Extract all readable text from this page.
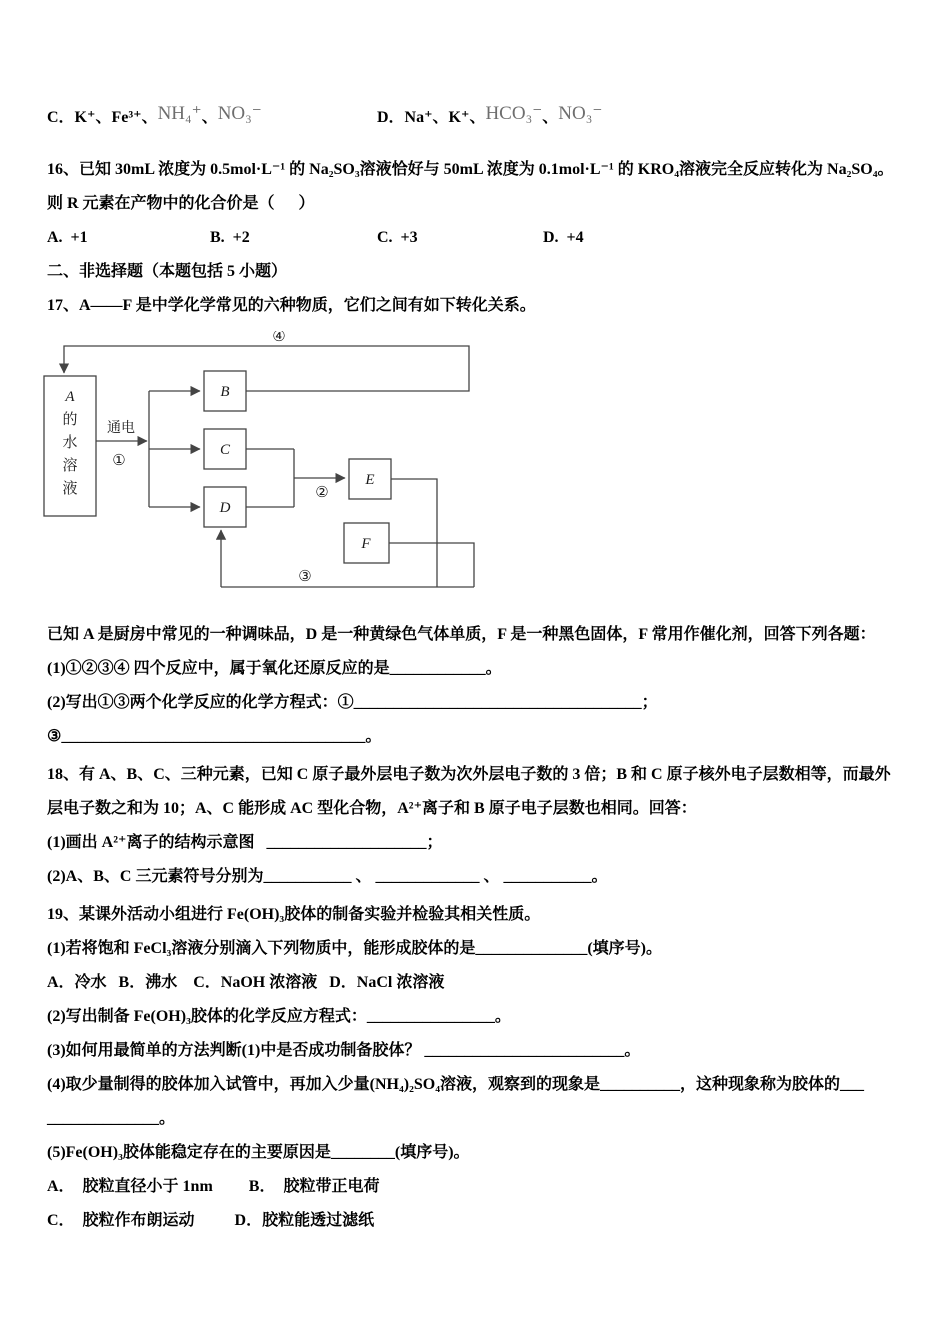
C．K⁺、Fe³⁺、NH₄⁺、NO₃⁻	D．Na⁺、K⁺、HCO₃⁻、NO₃⁻
16、已知 30mL 浓度为 0.5mol·L⁻¹ 的 Na₂SO₃溶液恰好与 50mL 浓度为 0.1mol·L⁻¹ 的 KRO₄溶液完全反应转化为 Na₂SO₄。
则 R 元素在产物中的化合价是（      ）
A.  +1	B.  +2	C.  +3	D.  +4
二、非选择题（本题包括 5 小题）
17、A——F 是中学化学常见的六种物质，它们之间有如下转化关系。
④
A
的
水
溶
液
通电
①
B
C
D
②
E
F
③
已知 A 是厨房中常见的一种调味品，D 是一种黄绿色气体单质，F 是一种黑色固体，F 常用作催化剂，回答下列各题：
(1)①②③④ 四个反应中，属于氧化还原反应的是____________。
(2)写出①③两个化学反应的化学方程式：①____________________________________；
③______________________________________。
18、有 A、B、C、三种元素，已知 C 原子最外层电子数为次外层电子数的 3 倍；B 和 C 原子核外电子层数相等，而最外
层电子数之和为 10；A、C 能形成 AC 型化合物，A²⁺离子和 B 原子电子层数也相同。回答：
(1)画出 A²⁺离子的结构示意图   ____________________；
(2)A、B、C 三元素符号分别为___________ 、 _____________ 、 ___________。
19、某课外活动小组进行 Fe(OH)₃胶体的制备实验并检验其相关性质。
(1)若将饱和 FeCl₃溶液分别滴入下列物质中，能形成胶体的是______________(填序号)。
A．冷水   B．沸水    C．NaOH 浓溶液   D．NaCl 浓溶液
(2)写出制备 Fe(OH)₃胶体的化学反应方程式：________________。
(3)如何用最简单的方法判断(1)中是否成功制备胶体？ _________________________。
(4)取少量制得的胶体加入试管中，再加入少量(NH₄)₂SO₄溶液，观察到的现象是__________，这种现象称为胶体的___
______________。
(5)Fe(OH)₃胶体能稳定存在的主要原因是________(填序号)。
A．  胶粒直径小于 1nm         B．  胶粒带正电荷
C．  胶粒作布朗运动          D．胶粒能透过滤纸
